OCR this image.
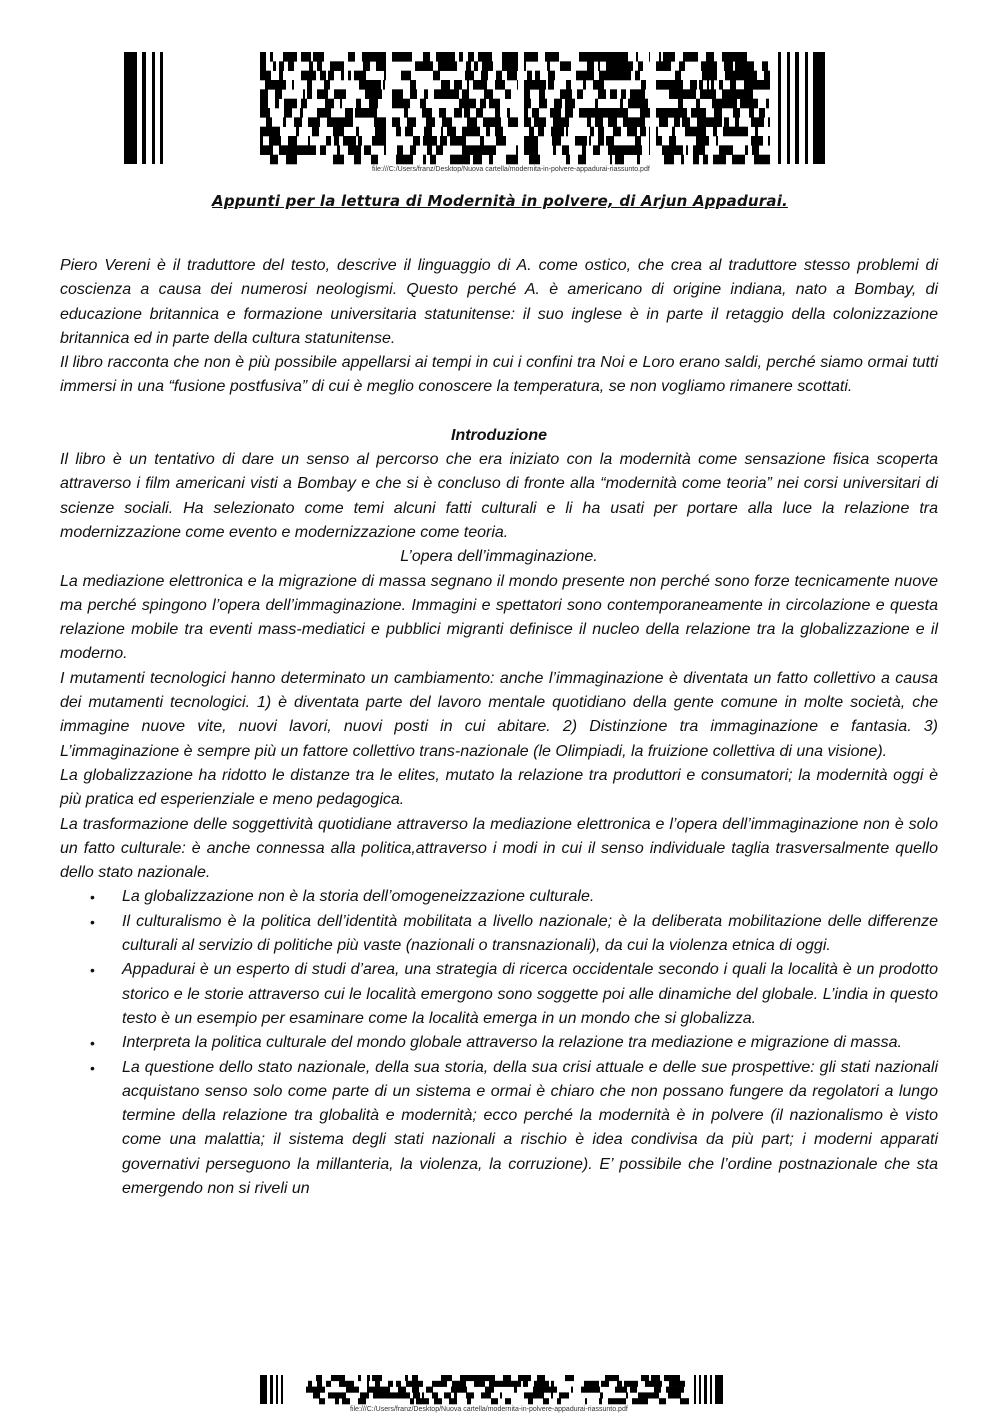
file:///C:/Users/franz/Desktop/Nuova cartella/modernita-in-polvere-appadurai-riassunto.pdf
Appunti per la lettura di Modernità in polvere, di Arjun Appadurai.

Piero Vereni è il traduttore del testo, descrive il linguaggio di A. come ostico, che crea al traduttore stesso problemi di coscienza a causa dei numerosi neologismi. Questo perché A. è americano di origine indiana, nato a Bombay, di educazione britannica e formazione universitaria statunitense: il suo inglese è in parte il retaggio della colonizzazione britannica ed in parte della cultura statunitense.

Il libro racconta che non è più possibile appellarsi ai tempi in cui i confini tra Noi e Loro erano saldi, perché siamo ormai tutti immersi in una “fusione postfusiva” di cui è meglio conoscere la temperatura, se non vogliamo rimanere scottati.

Introduzione

Il libro è un tentativo di dare un senso al percorso che era iniziato con la modernità come sensazione fisica scoperta attraverso i film americani visti a Bombay e che si è concluso di fronte alla “modernità come teoria” nei corsi universitari di scienze sociali. Ha selezionato come temi alcuni fatti culturali e li ha usati per portare alla luce la relazione tra modernizzazione come evento e modernizzazione come teoria.

L’opera dell’immaginazione.

La mediazione elettronica e la migrazione di massa segnano il mondo presente non perché sono forze tecnicamente nuove ma perché spingono l’opera dell’immaginazione. Immagini e spettatori sono contemporaneamente in circolazione e questa relazione mobile tra eventi mass-mediatici e pubblici migranti definisce il nucleo della relazione tra la globalizzazione e il moderno.

I mutamenti tecnologici hanno determinato un cambiamento: anche l’immaginazione è diventata un fatto collettivo a causa dei mutamenti tecnologici. 1) è diventata parte del lavoro mentale quotidiano della gente comune in molte società, che immagine nuove vite, nuovi lavori, nuovi posti in cui abitare. 2) Distinzione tra immaginazione e fantasia. 3) L’immaginazione è sempre più un fattore collettivo trans-nazionale (le Olimpiadi, la fruizione collettiva di una visione).

La globalizzazione ha ridotto le distanze tra le elites, mutato la relazione tra produttori e consumatori; la modernità oggi è più pratica ed esperienziale e meno pedagogica.

La trasformazione delle soggettività quotidiane attraverso la mediazione elettronica e l’opera dell’immaginazione non è solo un fatto culturale: è anche connessa alla politica,attraverso i modi in cui il senso individuale taglia trasversalmente quello dello stato nazionale.

• La globalizzazione non è la storia dell’omogeneizzazione culturale.
• Il culturalismo è la politica dell’identità mobilitata a livello nazionale; è la deliberata mobilitazione delle differenze culturali al servizio di politiche più vaste (nazionali o transnazionali), da cui la violenza etnica di oggi.
• Appadurai è un esperto di studi d’area, una strategia di ricerca occidentale secondo i quali la località è un prodotto storico e le storie attraverso cui le località emergono sono soggette poi alle dinamiche del globale. L’india in questo testo è un esempio per esaminare come la località emerga in un mondo che si globalizza.
• Interpreta la politica culturale del mondo globale attraverso la relazione tra mediazione e migrazione di massa.
• La questione dello stato nazionale, della sua storia, della sua crisi attuale e delle sue prospettive: gli stati nazionali acquistano senso solo come parte di un sistema e ormai è chiaro che non possano fungere da regolatori a lungo termine della relazione tra globalità e modernità; ecco perché la modernità è in polvere (il nazionalismo è visto come una malattia; il sistema degli stati nazionali a rischio è idea condivisa da più part; i moderni apparati governativi perseguono la millanteria, la violenza, la corruzione). E’ possibile che l’ordine postnazionale che sta emergendo non si riveli un
file:///C:/Users/franz/Desktop/Nuova cartella/modernita-in-polvere-appadurai-riassunto.pdf
